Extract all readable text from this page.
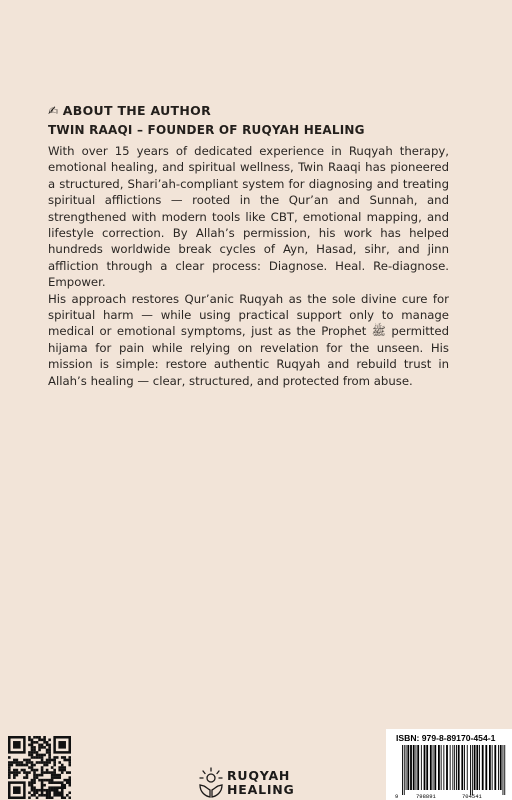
✍ ABOUT THE AUTHOR
TWIN RAAQI – FOUNDER OF RUQYAH HEALING

With over 15 years of dedicated experience in Ruqyah therapy, emotional healing, and spiritual wellness, Twin Raaqi has pioneered a structured, Shari’ah-compliant system for diagnosing and treating spiritual afflictions — rooted in the Qur’an and Sunnah, and strengthened with modern tools like CBT, emotional mapping, and lifestyle correction. By Allah’s permission, his work has helped hundreds worldwide break cycles of Ayn, Hasad, sihr, and jinn affliction through a clear process: Diagnose. Heal. Re-diagnose. Empower.

His approach restores Qur’anic Ruqyah as the sole divine cure for spiritual harm — while using practical support only to manage medical or emotional symptoms, just as the Prophet ﷺ permitted hijama for pain while relying on revelation for the unseen. His mission is simple: restore authentic Ruqyah and rebuild trust in Allah’s healing — clear, structured, and protected from abuse.

RUQYAH
HEALING
ISBN: 979-8-89170-454-1
9	798891	704541
